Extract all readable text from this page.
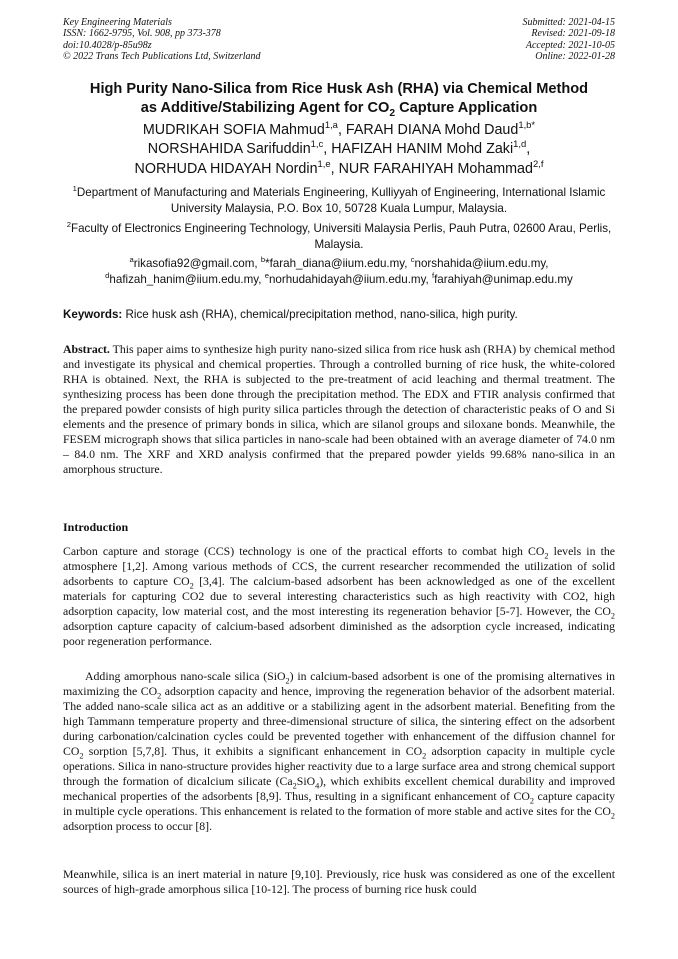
Key Engineering Materials
ISSN: 1662-9795, Vol. 908, pp 373-378
doi:10.4028/p-85u98z
© 2022 Trans Tech Publications Ltd, Switzerland
Submitted: 2021-04-15
Revised: 2021-09-18
Accepted: 2021-10-05
Online: 2022-01-28
High Purity Nano-Silica from Rice Husk Ash (RHA) via Chemical Method
as Additive/Stabilizing Agent for $CO_2$ Capture Application
MUDRIKAH SOFIA Mahmud$^{1,a}$, FARAH DIANA Mohd Daud$^{1,b*}$
NORSHAHIDA Sarifuddin$^{1,c}$, HAFIZAH HANIM Mohd Zaki$^{1,d}$,
NORHUDA HIDAYAH Nordin$^{1,e}$, NUR FARAHIYAH Mohammad$^{2,f}$
$^1$Department of Manufacturing and Materials Engineering, Kulliyyah of Engineering, International Islamic University Malaysia, P.O. Box 10, 50728 Kuala Lumpur, Malaysia.
$^2$Faculty of Electronics Engineering Technology, Universiti Malaysia Perlis, Pauh Putra, 02600 Arau, Perlis, Malaysia.
$^a$rikasofia92@gmail.com, $^b$*farah_diana@iium.edu.my, $^c$norshahida@iium.edu.my,
$^d$hafizah_hanim@iium.edu.my, $^e$norhudahidayah@iium.edu.my, $^f$farahiyah@unimap.edu.my
Keywords: Rice husk ash (RHA), chemical/precipitation method, nano-silica, high purity.
Abstract. This paper aims to synthesize high purity nano-sized silica from rice husk ash (RHA) by chemical method and investigate its physical and chemical properties. Through a controlled burning of rice husk, the white-colored RHA is obtained. Next, the RHA is subjected to the pre-treatment of acid leaching and thermal treatment. The synthesizing process has been done through the precipitation method. The EDX and FTIR analysis confirmed that the prepared powder consists of high purity silica particles through the detection of characteristic peaks of O and Si elements and the presence of primary bonds in silica, which are silanol groups and siloxane bonds. Meanwhile, the FESEM micrograph shows that silica particles in nano-scale had been obtained with an average diameter of 74.0 nm – 84.0 nm. The XRF and XRD analysis confirmed that the prepared powder yields 99.68% nano-silica in an amorphous structure.
Introduction
Carbon capture and storage (CCS) technology is one of the practical efforts to combat high $CO_2$ levels in the atmosphere [1,2]. Among various methods of CCS, the current researcher recommended the utilization of solid adsorbents to capture $CO_2$ [3,4]. The calcium-based adsorbent has been acknowledged as one of the excellent materials for capturing CO2 due to several interesting characteristics such as high reactivity with CO2, high adsorption capacity, low material cost, and the most interesting its regeneration behavior [5-7]. However, the $CO_2$ adsorption capture capacity of calcium-based adsorbent diminished as the adsorption cycle increased, indicating poor regeneration performance.
Adding amorphous nano-scale silica (SiO$_2$) in calcium-based adsorbent is one of the promising alternatives in maximizing the $CO_2$ adsorption capacity and hence, improving the regeneration behavior of the adsorbent material. The added nano-scale silica act as an additive or a stabilizing agent in the adsorbent material. Benefiting from the high Tammann temperature property and three-dimensional structure of silica, the sintering effect on the adsorbent during carbonation/calcination cycles could be prevented together with enhancement of the diffusion channel for $CO_2$ sorption [5,7,8]. Thus, it exhibits a significant enhancement in $CO_2$ adsorption capacity in multiple cycle operations. Silica in nano-structure provides higher reactivity due to a large surface area and strong chemical support through the formation of dicalcium silicate $(Ca_2SiO_4)$, which exhibits excellent chemical durability and improved mechanical properties of the adsorbents [8,9]. Thus, resulting in a significant enhancement of $CO_2$ capture capacity in multiple cycle operations. This enhancement is related to the formation of more stable and active sites for the $CO_2$ adsorption process to occur [8].
Meanwhile, silica is an inert material in nature [9,10]. Previously, rice husk was considered as one of the excellent sources of high-grade amorphous silica [10-12]. The process of burning rice husk could
